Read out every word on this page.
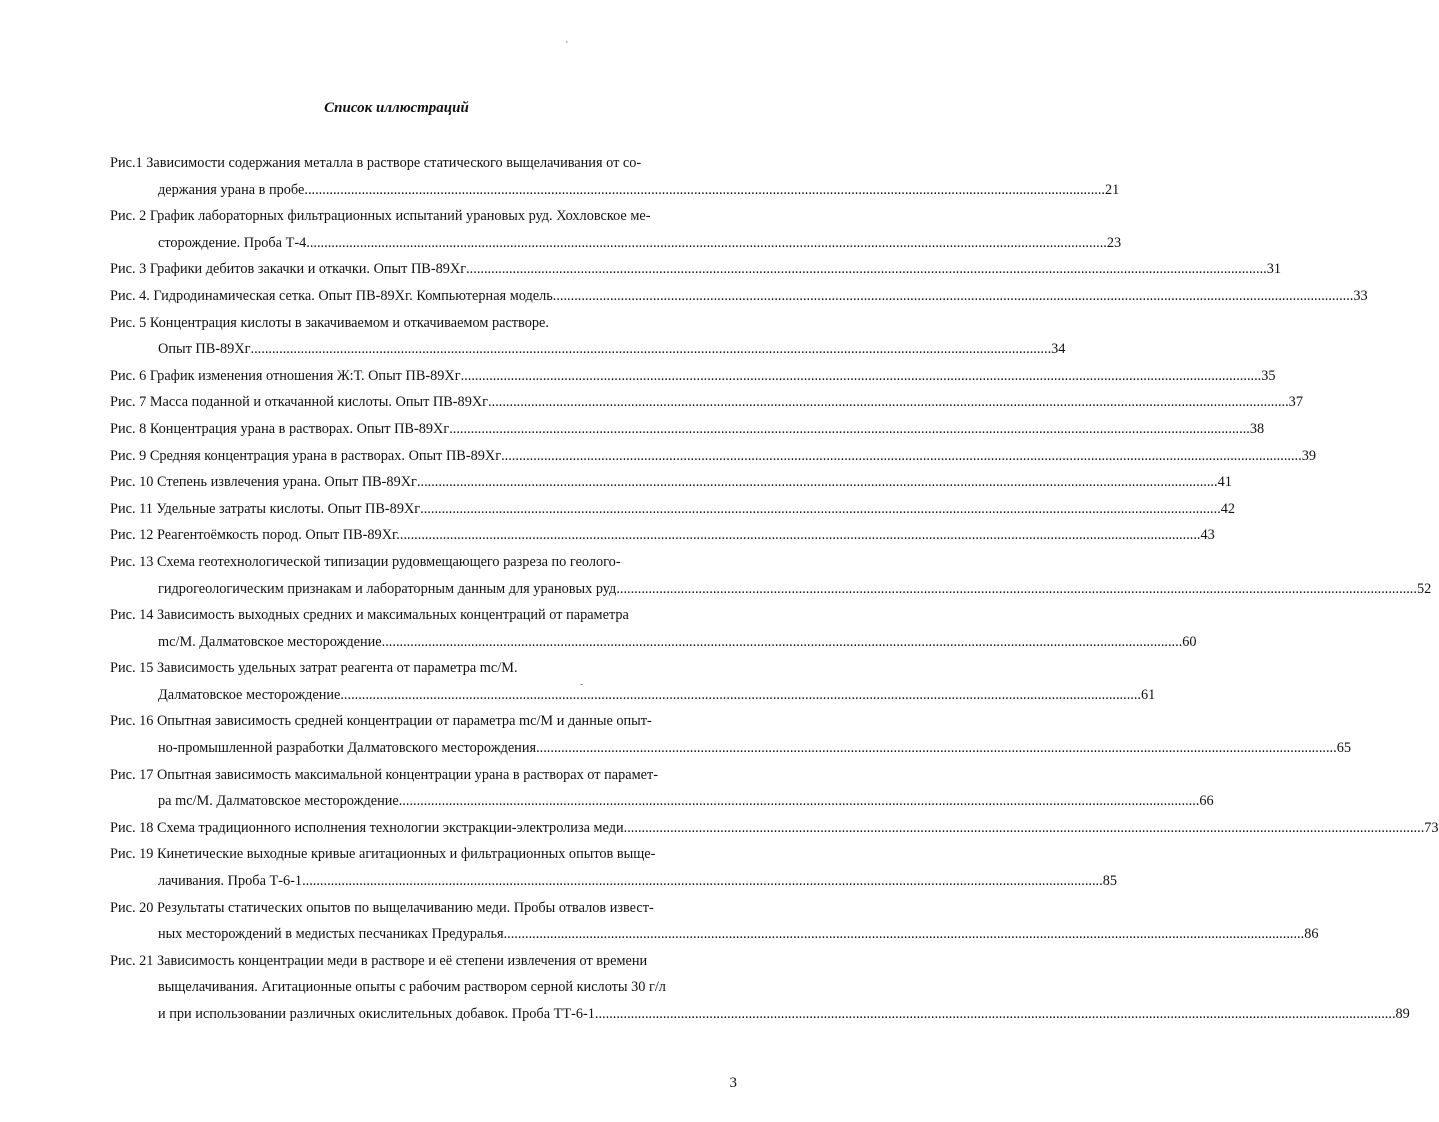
'
-
Список иллюстраций
Рис.1 Зависимости содержания металла в растворе статического выщелачивания от со-
держания урана в пробе .....	21
Рис. 2 График лабораторных фильтрационных испытаний урановых руд. Хохловское ме-
сторождение. Проба Т-4 .....	23
Рис. 3 Графики дебитов закачки и откачки. Опыт ПВ-89Хг .....	31
Рис. 4. Гидродинамическая сетка. Опыт ПВ-89Хг. Компьютерная модель .....	33
Рис. 5 Концентрация кислоты в закачиваемом и откачиваемом растворе.
Опыт ПВ-89Хг .....	34
Рис. 6 График изменения отношения Ж:Т. Опыт ПВ-89Хг .....	35
Рис. 7 Масса поданной и откачанной кислоты. Опыт ПВ-89Хг .....	37
Рис. 8 Концентрация урана в растворах. Опыт ПВ-89Хг .....	38
Рис. 9 Средняя концентрация урана в растворах. Опыт ПВ-89Хг .....	39
Рис. 10 Степень извлечения урана. Опыт ПВ-89Хг .....	41
Рис. 11 Удельные затраты кислоты. Опыт ПВ-89Хг .....	42
Рис. 12 Реагентоёмкость пород. Опыт ПВ-89Хг. .....	43
Рис. 13 Схема геотехнологической типизации рудовмещающего разреза по геолого-
гидрогеологическим признакам и лабораторным данным для урановых руд .....	52
Рис. 14 Зависимость выходных средних и максимальных концентраций от параметра
mс/М. Далматовское месторождение .....	60
Рис. 15 Зависимость удельных затрат реагента от параметра mс/М.
Далматовское месторождение .....	61
Рис. 16 Опытная зависимость средней концентрации от параметра mс/М и данные опыт-
но-промышленной разработки Далматовского месторождения .....	65
Рис. 17 Опытная зависимость максимальной концентрации урана в растворах от парамет-
ра mс/М. Далматовское месторождение .....	66
Рис. 18 Схема традиционного исполнения технологии экстракции-электролиза меди .....	73
Рис. 19 Кинетические выходные кривые агитационных и фильтрационных опытов выще-
лачивания. Проба Т-6-1 .....	85
Рис. 20 Результаты статических опытов по выщелачиванию меди. Пробы отвалов извест-
ных месторождений в медистых песчаниках Предуралья .....	86
Рис. 21 Зависимость концентрации меди в растворе и её степени извлечения от времени
выщелачивания. Агитационные опыты с рабочим раствором серной кислоты 30 г/л
и при использовании различных окислительных добавок. Проба ТТ-6-1 .....	89
3
